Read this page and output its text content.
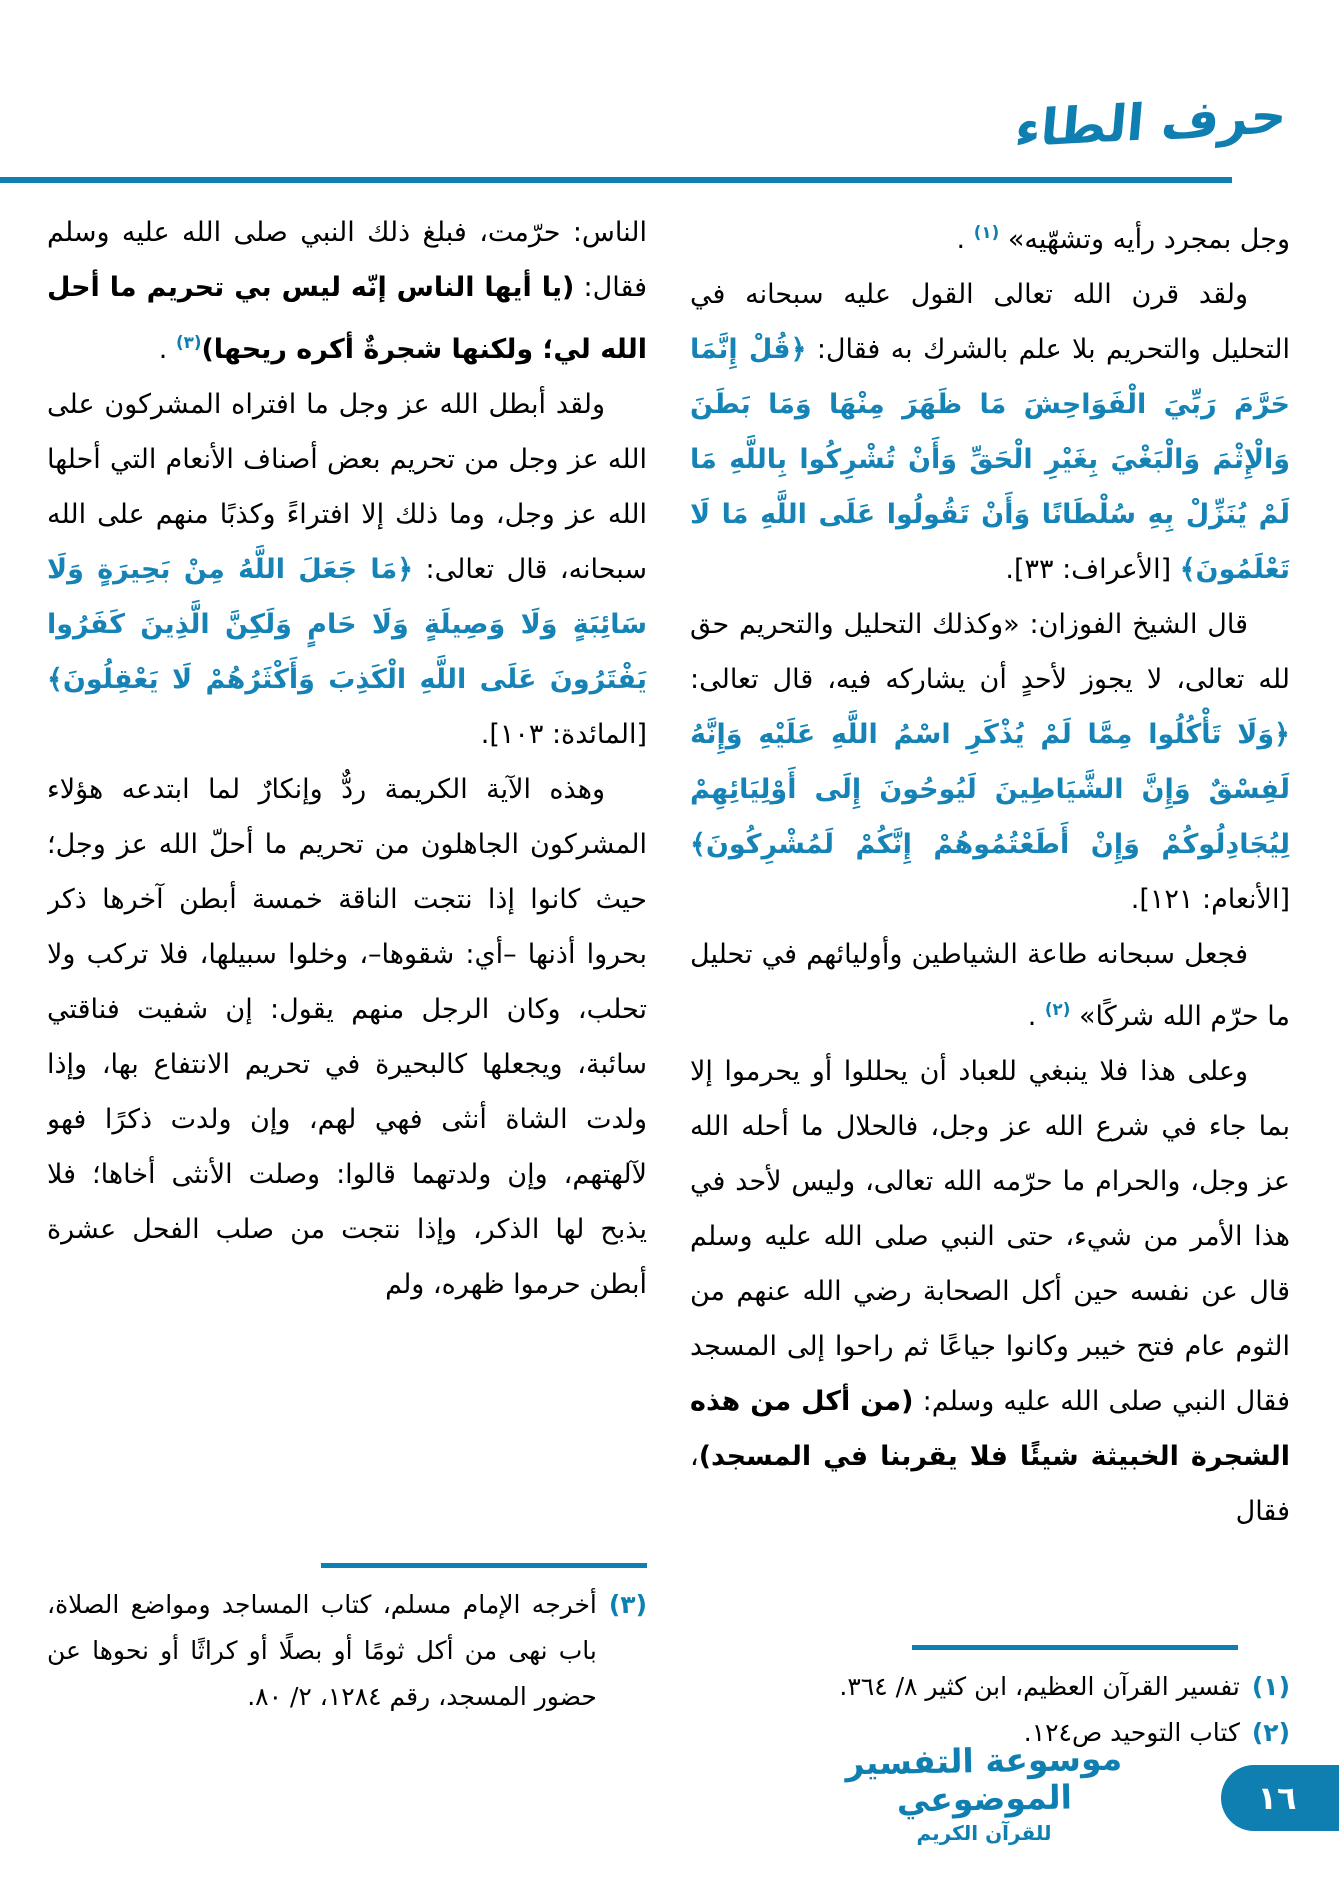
حرف الطاء

وجل بمجرد رأيه وتشهّيه» $^{(١)}$ .

ولقد قرن الله تعالى القول عليه سبحانه في التحليل والتحريم بلا علم بالشرك به فقال: ﴿قُلْ إِنَّمَا حَرَّمَ رَبِّيَ الْفَوَاحِشَ مَا ظَهَرَ مِنْهَا وَمَا بَطَنَ وَالْإِثْمَ وَالْبَغْيَ بِغَيْرِ الْحَقِّ وَأَنْ تُشْرِكُوا بِاللَّهِ مَا لَمْ يُنَزِّلْ بِهِ سُلْطَانًا وَأَنْ تَقُولُوا عَلَى اللَّهِ مَا لَا تَعْلَمُونَ﴾ [الأعراف: ٣٣].

قال الشيخ الفوزان: «وكذلك التحليل والتحريم حق لله تعالى، لا يجوز لأحدٍ أن يشاركه فيه، قال تعالى: ﴿وَلَا تَأْكُلُوا مِمَّا لَمْ يُذْكَرِ اسْمُ اللَّهِ عَلَيْهِ وَإِنَّهُ لَفِسْقٌ وَإِنَّ الشَّيَاطِينَ لَيُوحُونَ إِلَى أَوْلِيَائِهِمْ لِيُجَادِلُوكُمْ وَإِنْ أَطَعْتُمُوهُمْ إِنَّكُمْ لَمُشْرِكُونَ﴾ [الأنعام: ١٢١].

فجعل سبحانه طاعة الشياطين وأوليائهم في تحليل ما حرّم الله شركًا» $^{(٢)}$ .

وعلى هذا فلا ينبغي للعباد أن يحللوا أو يحرموا إلا بما جاء في شرع الله عز وجل، فالحلال ما أحله الله عز وجل، والحرام ما حرّمه الله تعالى، وليس لأحد في هذا الأمر من شيء، حتى النبي صلى الله عليه وسلم قال عن نفسه حين أكل الصحابة رضي الله عنهم من الثوم عام فتح خيبر وكانوا جياعًا ثم راحوا إلى المسجد فقال النبي صلى الله عليه وسلم: (من أكل من هذه الشجرة الخبيثة شيئًا فلا يقربنا في المسجد)، فقال

الناس: حرّمت، فبلغ ذلك النبي صلى الله عليه وسلم فقال: (يا أيها الناس إنّه ليس بي تحريم ما أحل الله لي؛ ولكنها شجرةٌ أكره ريحها)$^{(٣)}$ .

ولقد أبطل الله عز وجل ما افتراه المشركون على الله عز وجل من تحريم بعض أصناف الأنعام التي أحلها الله عز وجل، وما ذلك إلا افتراءً وكذبًا منهم على الله سبحانه، قال تعالى: ﴿مَا جَعَلَ اللَّهُ مِنْ بَحِيرَةٍ وَلَا سَائِبَةٍ وَلَا وَصِيلَةٍ وَلَا حَامٍ وَلَكِنَّ الَّذِينَ كَفَرُوا يَفْتَرُونَ عَلَى اللَّهِ الْكَذِبَ وَأَكْثَرُهُمْ لَا يَعْقِلُونَ﴾ [المائدة: ١٠٣].

وهذه الآية الكريمة ردٌّ وإنكارٌ لما ابتدعه هؤلاء المشركون الجاهلون من تحريم ما أحلّ الله عز وجل؛ حيث كانوا إذا نتجت الناقة خمسة أبطن آخرها ذكر بحروا أذنها –أي: شقوها–، وخلوا سبيلها، فلا تركب ولا تحلب، وكان الرجل منهم يقول: إن شفيت فناقتي سائبة، ويجعلها كالبحيرة في تحريم الانتفاع بها، وإذا ولدت الشاة أنثى فهي لهم، وإن ولدت ذكرًا فهو لآلهتهم، وإن ولدتهما قالوا: وصلت الأنثى أخاها؛ فلا يذبح لها الذكر، وإذا نتجت من صلب الفحل عشرة أبطن حرموا ظهره، ولم

(١)
تفسير القرآن العظيم، ابن كثير ٨/ ٣٦٤.
(٢)
كتاب التوحيد ص١٢٤.
(٣)
أخرجه الإمام مسلم، كتاب المساجد ومواضع الصلاة، باب نهى من أكل ثومًا أو بصلًا أو كراثًا أو نحوها عن حضور المسجد، رقم ١٢٨٤، ٢/ ٨٠.
موسوعة التفسير الموضوعي
للقرآن الكريم
١٦
